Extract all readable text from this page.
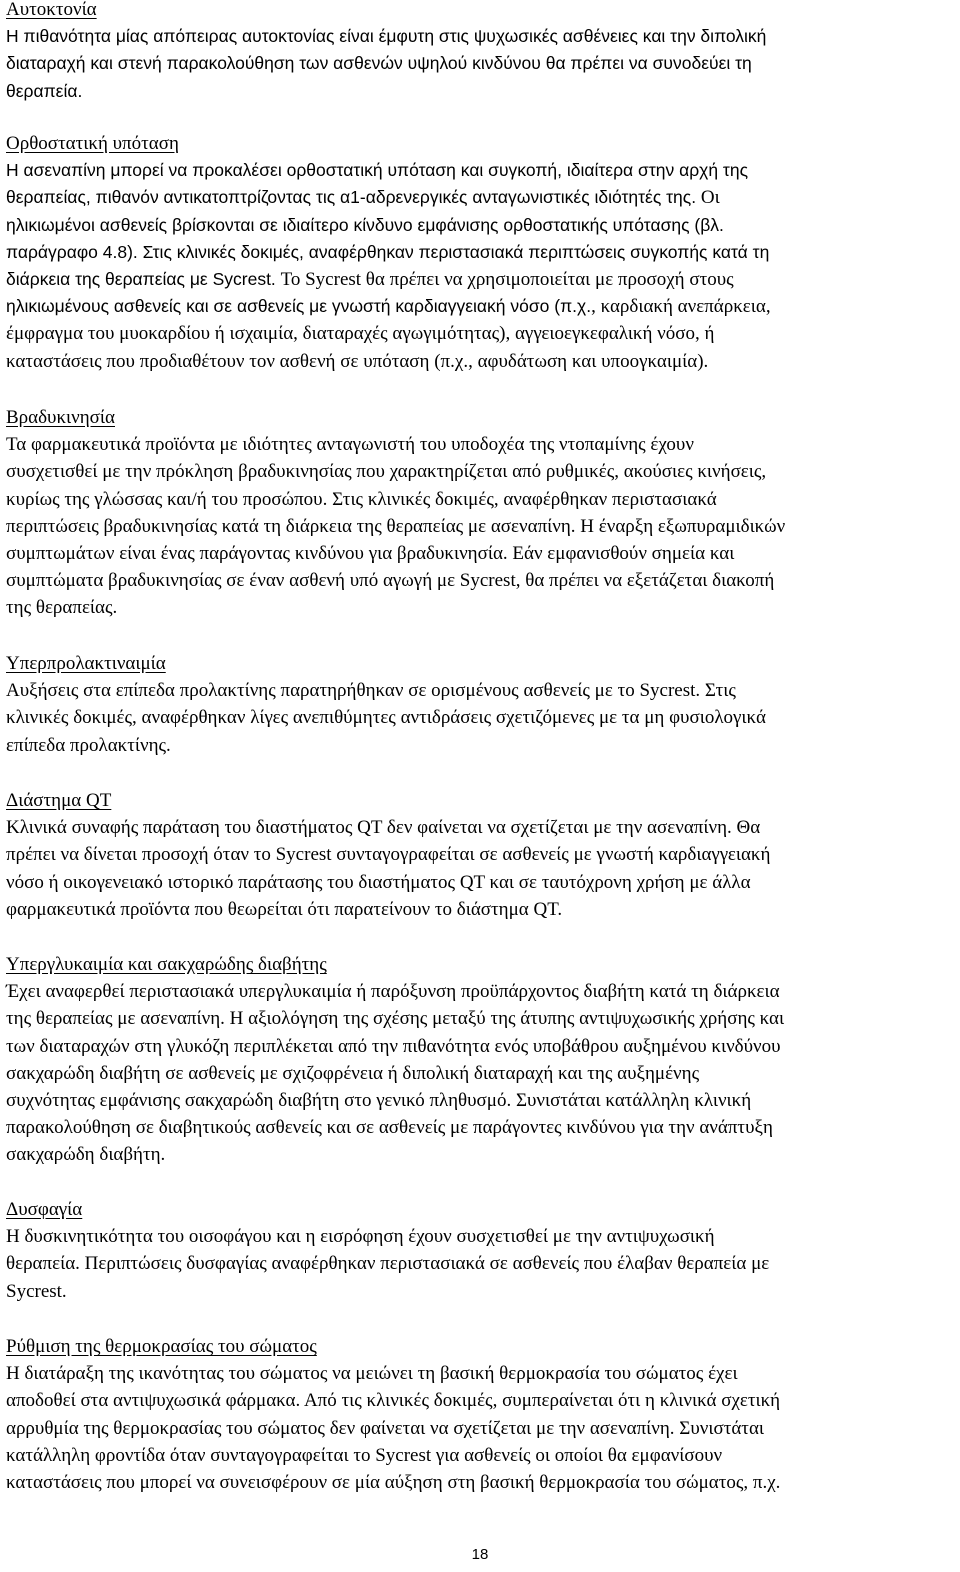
Αυτοκτονία
Η πιθανότητα μίας απόπειρας αυτοκτονίας είναι έμφυτη στις ψυχωσικές ασθένειες και την διπολική
διαταραχή και στενή παρακολούθηση των ασθενών υψηλού κινδύνου θα πρέπει να συνοδεύει τη
θεραπεία.
Ορθοστατική υπόταση
Η ασεναπίνη μπορεί να προκαλέσει ορθοστατική υπόταση και συγκοπή, ιδιαίτερα στην αρχή της
θεραπείας, πιθανόν αντικατοπτρίζοντας τις α1-αδρενεργικές ανταγωνιστικές ιδιότητές της. Οι
ηλικιωμένοι ασθενείς βρίσκονται σε ιδιαίτερο κίνδυνο εμφάνισης ορθοστατικής υπότασης (βλ.
παράγραφο 4.8). Στις κλινικές δοκιμές, αναφέρθηκαν περιστασιακά περιπτώσεις συγκοπής κατά τη
διάρκεια της θεραπείας με Sycrest. Το Sycrest θα πρέπει να χρησιμοποιείται με προσοχή στους
ηλικιωμένους ασθενείς και σε ασθενείς με γνωστή καρδιαγγειακή νόσο (π.χ., καρδιακή ανεπάρκεια,
έμφραγμα του μυοκαρδίου ή ισχαιμία, διαταραχές αγωγιμότητας), αγγειοεγκεφαλική νόσο, ή
καταστάσεις που προδιαθέτουν τον ασθενή σε υπόταση (π.χ., αφυδάτωση και υποογκαιμία).
Βραδυκινησία
Τα φαρμακευτικά προϊόντα με ιδιότητες ανταγωνιστή του υποδοχέα της ντοπαμίνης έχουν
συσχετισθεί με την πρόκληση βραδυκινησίας που χαρακτηρίζεται από ρυθμικές, ακούσιες κινήσεις,
κυρίως της γλώσσας και/ή του προσώπου. Στις κλινικές δοκιμές, αναφέρθηκαν περιστασιακά
περιπτώσεις βραδυκινησίας κατά τη διάρκεια της θεραπείας με ασεναπίνη. Η έναρξη εξωπυραμιδικών
συμπτωμάτων είναι ένας παράγοντας κινδύνου για βραδυκινησία. Εάν εμφανισθούν σημεία και
συμπτώματα βραδυκινησίας σε έναν ασθενή υπό αγωγή με Sycrest, θα πρέπει να εξετάζεται διακοπή
της θεραπείας.
Υπερπρολακτιναιμία
Αυξήσεις στα επίπεδα προλακτίνης παρατηρήθηκαν σε ορισμένους ασθενείς με το Sycrest. Στις
κλινικές δοκιμές, αναφέρθηκαν λίγες ανεπιθύμητες αντιδράσεις σχετιζόμενες με τα μη φυσιολογικά
επίπεδα προλακτίνης.
Διάστημα QT
Κλινικά συναφής παράταση του διαστήματος QT δεν φαίνεται να σχετίζεται με την ασεναπίνη. Θα
πρέπει να δίνεται προσοχή όταν το Sycrest συνταγογραφείται σε ασθενείς με γνωστή καρδιαγγειακή
νόσο ή οικογενειακό ιστορικό παράτασης του διαστήματος QT και σε ταυτόχρονη χρήση με άλλα
φαρμακευτικά προϊόντα που θεωρείται ότι παρατείνουν το διάστημα QT.
Υπεργλυκαιμία και σακχαρώδης διαβήτης
Έχει αναφερθεί περιστασιακά υπεργλυκαιμία ή παρόξυνση προϋπάρχοντος διαβήτη κατά τη διάρκεια
της θεραπείας με ασεναπίνη. Η αξιολόγηση της σχέσης μεταξύ της άτυπης αντιψυχωσικής χρήσης και
των διαταραχών στη γλυκόζη περιπλέκεται από την πιθανότητα ενός υποβάθρου αυξημένου κινδύνου
σακχαρώδη διαβήτη σε ασθενείς με σχιζοφρένεια ή διπολική διαταραχή και της αυξημένης
συχνότητας εμφάνισης σακχαρώδη διαβήτη στο γενικό πληθυσμό. Συνιστάται κατάλληλη κλινική
παρακολούθηση σε διαβητικούς ασθενείς και σε ασθενείς με παράγοντες κινδύνου για την ανάπτυξη
σακχαρώδη διαβήτη.
Δυσφαγία
Η δυσκινητικότητα του οισοφάγου και η εισρόφηση έχουν συσχετισθεί με την αντιψυχωσική
θεραπεία. Περιπτώσεις δυσφαγίας αναφέρθηκαν περιστασιακά σε ασθενείς που έλαβαν θεραπεία με
Sycrest.
Ρύθμιση της θερμοκρασίας του σώματος
Η διατάραξη της ικανότητας του σώματος να μειώνει τη βασική θερμοκρασία του σώματος έχει
αποδοθεί στα αντιψυχωσικά φάρμακα. Από τις κλινικές δοκιμές, συμπεραίνεται ότι η κλινικά σχετική
αρρυθμία της θερμοκρασίας του σώματος δεν φαίνεται να σχετίζεται με την ασεναπίνη. Συνιστάται
κατάλληλη φροντίδα όταν συνταγογραφείται το Sycrest για ασθενείς οι οποίοι θα εμφανίσουν
καταστάσεις που μπορεί να συνεισφέρουν σε μία αύξηση στη βασική θερμοκρασία του σώματος, π.χ.
18
